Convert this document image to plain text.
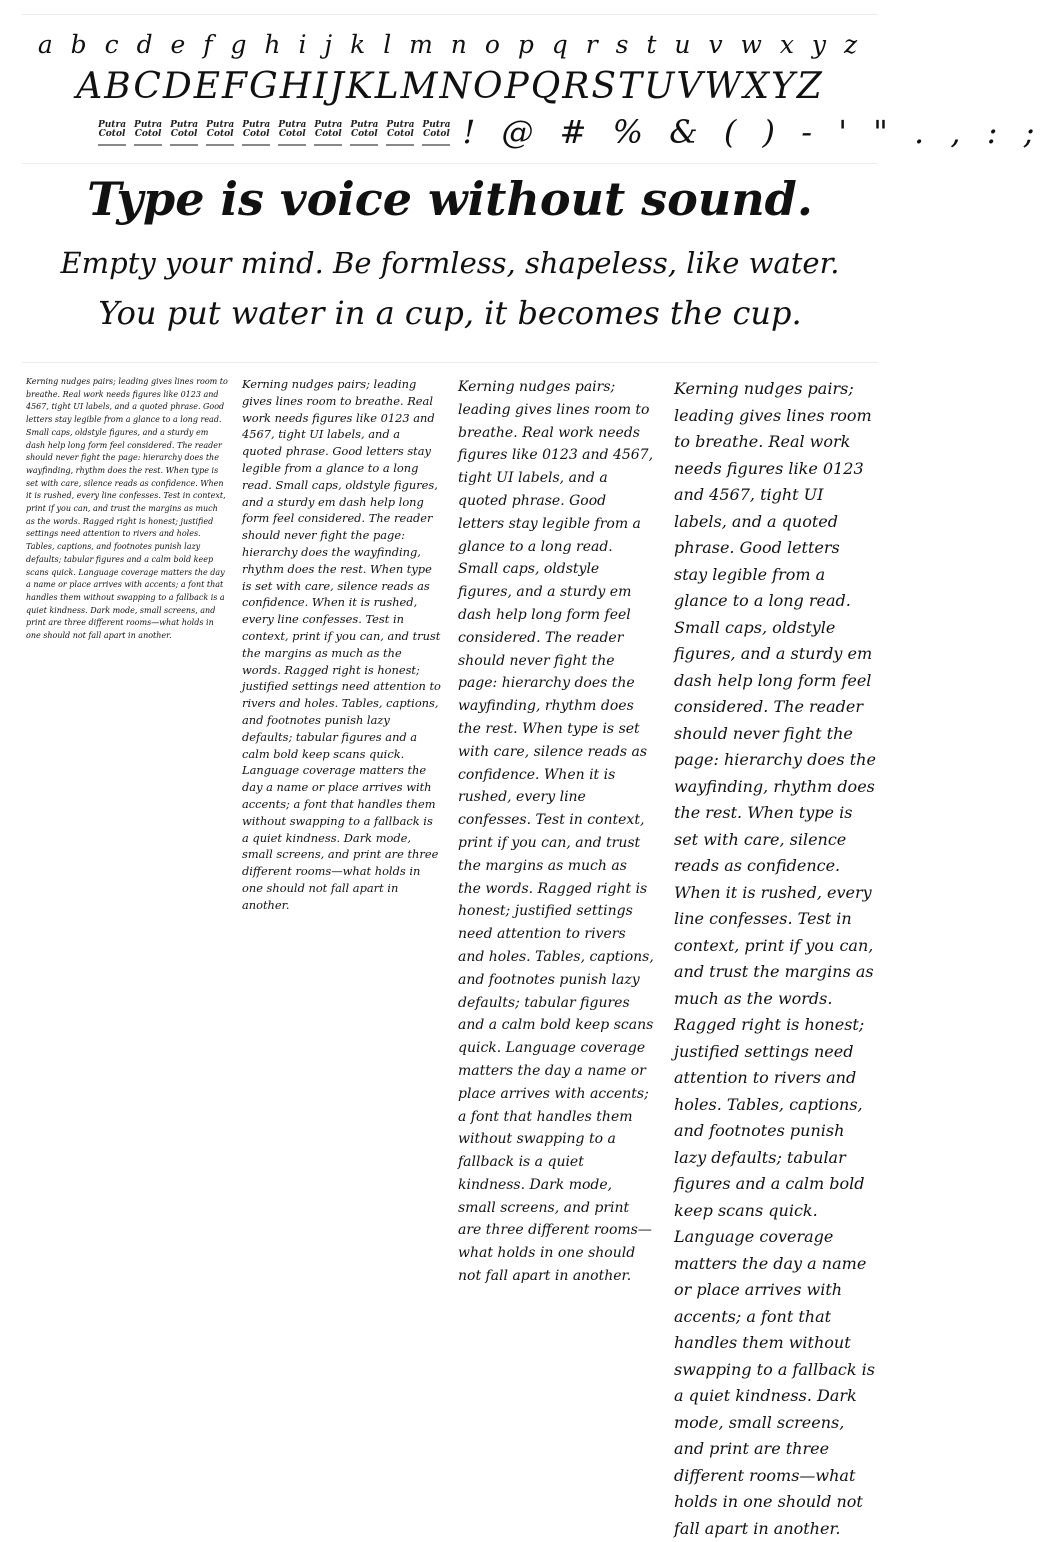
a b c d e f g h i j k l m n o p q r s t u v w x y z
ABCDEFGHIJKLMNOPQRSTUVWXYZ
Putra Cotol
Putra Cotol
Putra Cotol
Putra Cotol
Putra Cotol
Putra Cotol
Putra Cotol
Putra Cotol
Putra Cotol
Putra Cotol ! @ # % & ( ) - ' " . , : ;
Type is voice without sound.
Empty your mind. Be formless, shapeless, like water.
You put water in a cup, it becomes the cup.

Kerning nudges pairs; leading gives lines room to breathe. Real work needs figures like 0123 and 4567, tight UI labels, and a quoted phrase. Good letters stay legible from a glance to a long read. Small caps, oldstyle figures, and a sturdy em dash help long form feel considered. The reader should never fight the page: hierarchy does the wayfinding, rhythm does the rest. When type is set with care, silence reads as confidence. When it is rushed, every line confesses. Test in context, print if you can, and trust the margins as much as the words. Ragged right is honest; justified settings need attention to rivers and holes. Tables, captions, and footnotes punish lazy defaults; tabular figures and a calm bold keep scans quick. Language coverage matters the day a name or place arrives with accents; a font that handles them without swapping to a fallback is a quiet kindness. Dark mode, small screens, and print are three different rooms—what holds in one should not fall apart in another.

Kerning nudges pairs; leading gives lines room to breathe. Real work needs figures like 0123 and 4567, tight UI labels, and a quoted phrase. Good letters stay legible from a glance to a long read. Small caps, oldstyle figures, and a sturdy em dash help long form feel considered. The reader should never fight the page: hierarchy does the wayfinding, rhythm does the rest. When type is set with care, silence reads as confidence. When it is rushed, every line confesses. Test in context, print if you can, and trust the margins as much as the words. Ragged right is honest; justified settings need attention to rivers and holes. Tables, captions, and footnotes punish lazy defaults; tabular figures and a calm bold keep scans quick. Language coverage matters the day a name or place arrives with accents; a font that handles them without swapping to a fallback is a quiet kindness. Dark mode, small screens, and print are three different rooms—what holds in one should not fall apart in another.

Kerning nudges pairs; leading gives lines room to breathe. Real work needs figures like 0123 and 4567, tight UI labels, and a quoted phrase. Good letters stay legible from a glance to a long read. Small caps, oldstyle figures, and a sturdy em dash help long form feel considered. The reader should never fight the page: hierarchy does the wayfinding, rhythm does the rest. When type is set with care, silence reads as confidence. When it is rushed, every line confesses. Test in context, print if you can, and trust the margins as much as the words. Ragged right is honest; justified settings need attention to rivers and holes. Tables, captions, and footnotes punish lazy defaults; tabular figures and a calm bold keep scans quick. Language coverage matters the day a name or place arrives with accents; a font that handles them without swapping to a fallback is a quiet kindness. Dark mode, small screens, and print are three different rooms—what holds in one should not fall apart in another.

Kerning nudges pairs; leading gives lines room to breathe. Real work needs figures like 0123 and 4567, tight UI labels, and a quoted phrase. Good letters stay legible from a glance to a long read. Small caps, oldstyle figures, and a sturdy em dash help long form feel considered. The reader should never fight the page: hierarchy does the wayfinding, rhythm does the rest. When type is set with care, silence reads as confidence. When it is rushed, every line confesses. Test in context, print if you can, and trust the margins as much as the words. Ragged right is honest; justified settings need attention to rivers and holes. Tables, captions, and footnotes punish lazy defaults; tabular figures and a calm bold keep scans quick. Language coverage matters the day a name or place arrives with accents; a font that handles them without swapping to a fallback is a quiet kindness. Dark mode, small screens, and print are three different rooms—what holds in one should not fall apart in another.
